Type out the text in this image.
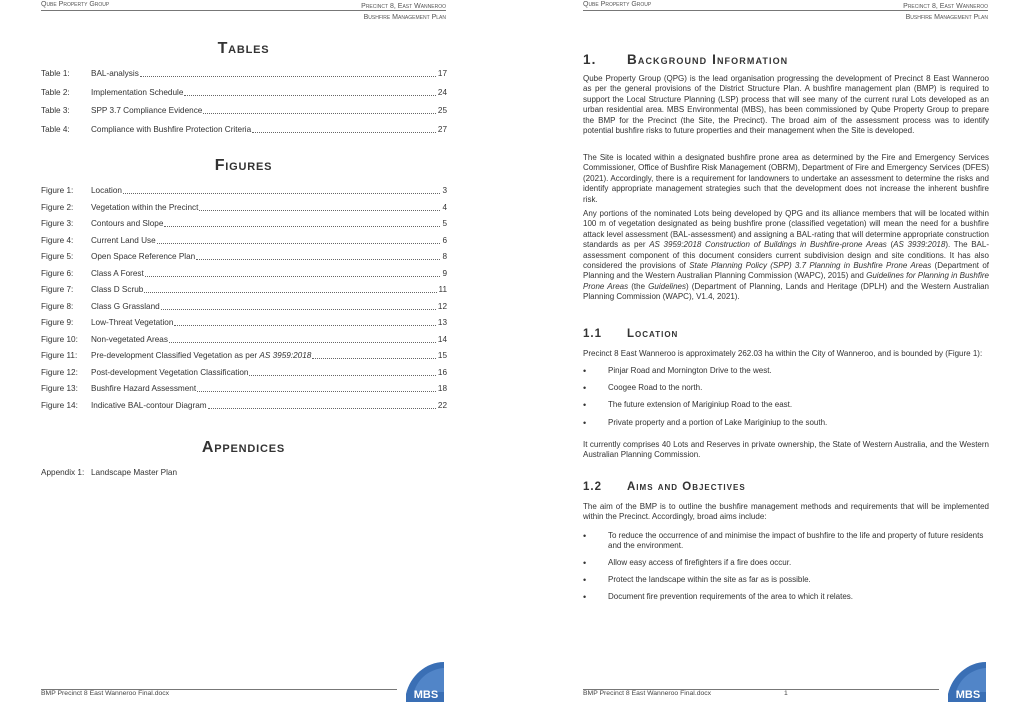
Qube Property Group	Precinct 8, East Wanneroo
Bushfire Management Plan
Tables
Table 1:	BAL-analysis	17
Table 2:	Implementation Schedule	24
Table 3:	SPP 3.7 Compliance Evidence	25
Table 4:	Compliance with Bushfire Protection Criteria	27
Figures
Figure 1:	Location	3
Figure 2:	Vegetation within the Precinct	4
Figure 3:	Contours and Slope	5
Figure 4:	Current Land Use	6
Figure 5:	Open Space Reference Plan	8
Figure 6:	Class A Forest	9
Figure 7:	Class D Scrub	11
Figure 8:	Class G Grassland	12
Figure 9:	Low-Threat Vegetation	13
Figure 10:	Non-vegetated Areas	14
Figure 11:	Pre-development Classified Vegetation as per AS 3959:2018	15
Figure 12:	Post-development Vegetation Classification	16
Figure 13:	Bushfire Hazard Assessment	18
Figure 14:	Indicative BAL-contour Diagram	22
Appendices
Appendix 1: Landscape Master Plan
BMP Precinct 8 East Wanneroo Final.docx	MBS
Qube Property Group	Precinct 8, East Wanneroo
Bushfire Management Plan
1. Background Information
Qube Property Group (QPG) is the lead organisation progressing the development of Precinct 8 East Wanneroo as per the general provisions of the District Structure Plan. A bushfire management plan (BMP) is required to support the Local Structure Planning (LSP) process that will see many of the current rural Lots developed as an urban residential area. MBS Environmental (MBS), has been commissioned by Qube Property Group to prepare the BMP for the Precinct (the Site, the Precinct). The broad aim of the assessment process was to identify potential bushfire risks to future properties and their management when the Site is developed.
The Site is located within a designated bushfire prone area as determined by the Fire and Emergency Services Commissioner, Office of Bushfire Risk Management (OBRM), Department of Fire and Emergency Services (DFES) (2021). Accordingly, there is a requirement for landowners to undertake an assessment to determine the risks and identify appropriate management strategies such that the development does not increase the inherent bushfire risk.
Any portions of the nominated Lots being developed by QPG and its alliance members that will be located within 100 m of vegetation designated as being bushfire prone (classified vegetation) will mean the need for a bushfire attack level assessment (BAL-assessment) and assigning a BAL-rating that will determine appropriate construction standards as per AS 3959:2018 Construction of Buildings in Bushfire-prone Areas (AS 3939:2018). The BAL-assessment component of this document considers current subdivision design and site conditions. It has also considered the provisions of State Planning Policy (SPP) 3.7 Planning in Bushfire Prone Areas (Department of Planning and the Western Australian Planning Commission (WAPC), 2015) and Guidelines for Planning in Bushfire Prone Areas (the Guidelines) (Department of Planning, Lands and Heritage (DPLH) and the Western Australian Planning Commission (WAPC), V1.4, 2021).
1.1 Location
Precinct 8 East Wanneroo is approximately 262.03 ha within the City of Wanneroo, and is bounded by (Figure 1):
•	Pinjar Road and Mornington Drive to the west.
•	Coogee Road to the north.
•	The future extension of Mariginiup Road to the east.
•	Private property and a portion of Lake Mariginiup to the south.
It currently comprises 40 Lots and Reserves in private ownership, the State of Western Australia, and the Western Australian Planning Commission.
1.2 Aims and Objectives
The aim of the BMP is to outline the bushfire management methods and requirements that will be implemented within the Precinct. Accordingly, broad aims include:
•	To reduce the occurrence of and minimise the impact of bushfire to the life and property of future residents and the environment.
•	Allow easy access of firefighters if a fire does occur.
•	Protect the landscape within the site as far as is possible.
•	Document fire prevention requirements of the area to which it relates.
BMP Precinct 8 East Wanneroo Final.docx	1	MBS
